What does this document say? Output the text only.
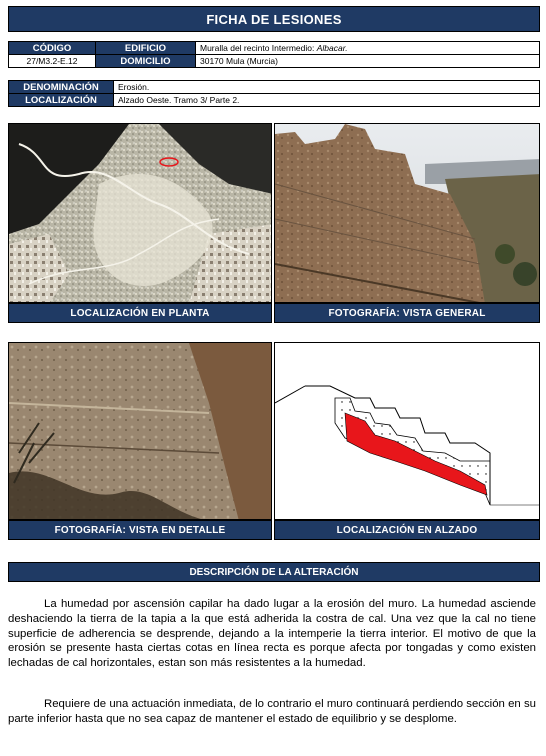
FICHA DE LESIONES
CÓDIGO	EDIFICIO	Muralla del recinto Intermedio: Albacar.
27/M3.2-E.12	DOMICILIO	30170 Mula (Murcia)
DENOMINACIÓN	Erosión.
LOCALIZACIÓN	Alzado Oeste. Tramo 3/ Parte 2.
LOCALIZACIÓN EN PLANTA	FOTOGRAFÍA: VISTA GENERAL
FOTOGRAFÍA: VISTA EN DETALLE	LOCALIZACIÓN EN ALZADO
DESCRIPCIÓN DE LA ALTERACIÓN

La humedad por ascensión capilar ha dado lugar a la erosión del muro. La humedad asciende deshaciendo la tierra de la tapia a la que está adherida la costra de cal. Una vez que la cal no tiene superficie de adherencia se desprende, dejando a la intemperie la tierra interior. El motivo de que la erosión se presente hasta ciertas cotas en línea recta es porque afecta por tongadas y como existen lechadas de cal horizontales, estan son más resistentes a la humedad.

Requiere de una actuación inmediata, de lo contrario el muro continuará perdiendo sección en su parte inferior hasta que no sea capaz de mantener el estado de equilibrio y se desplome.
